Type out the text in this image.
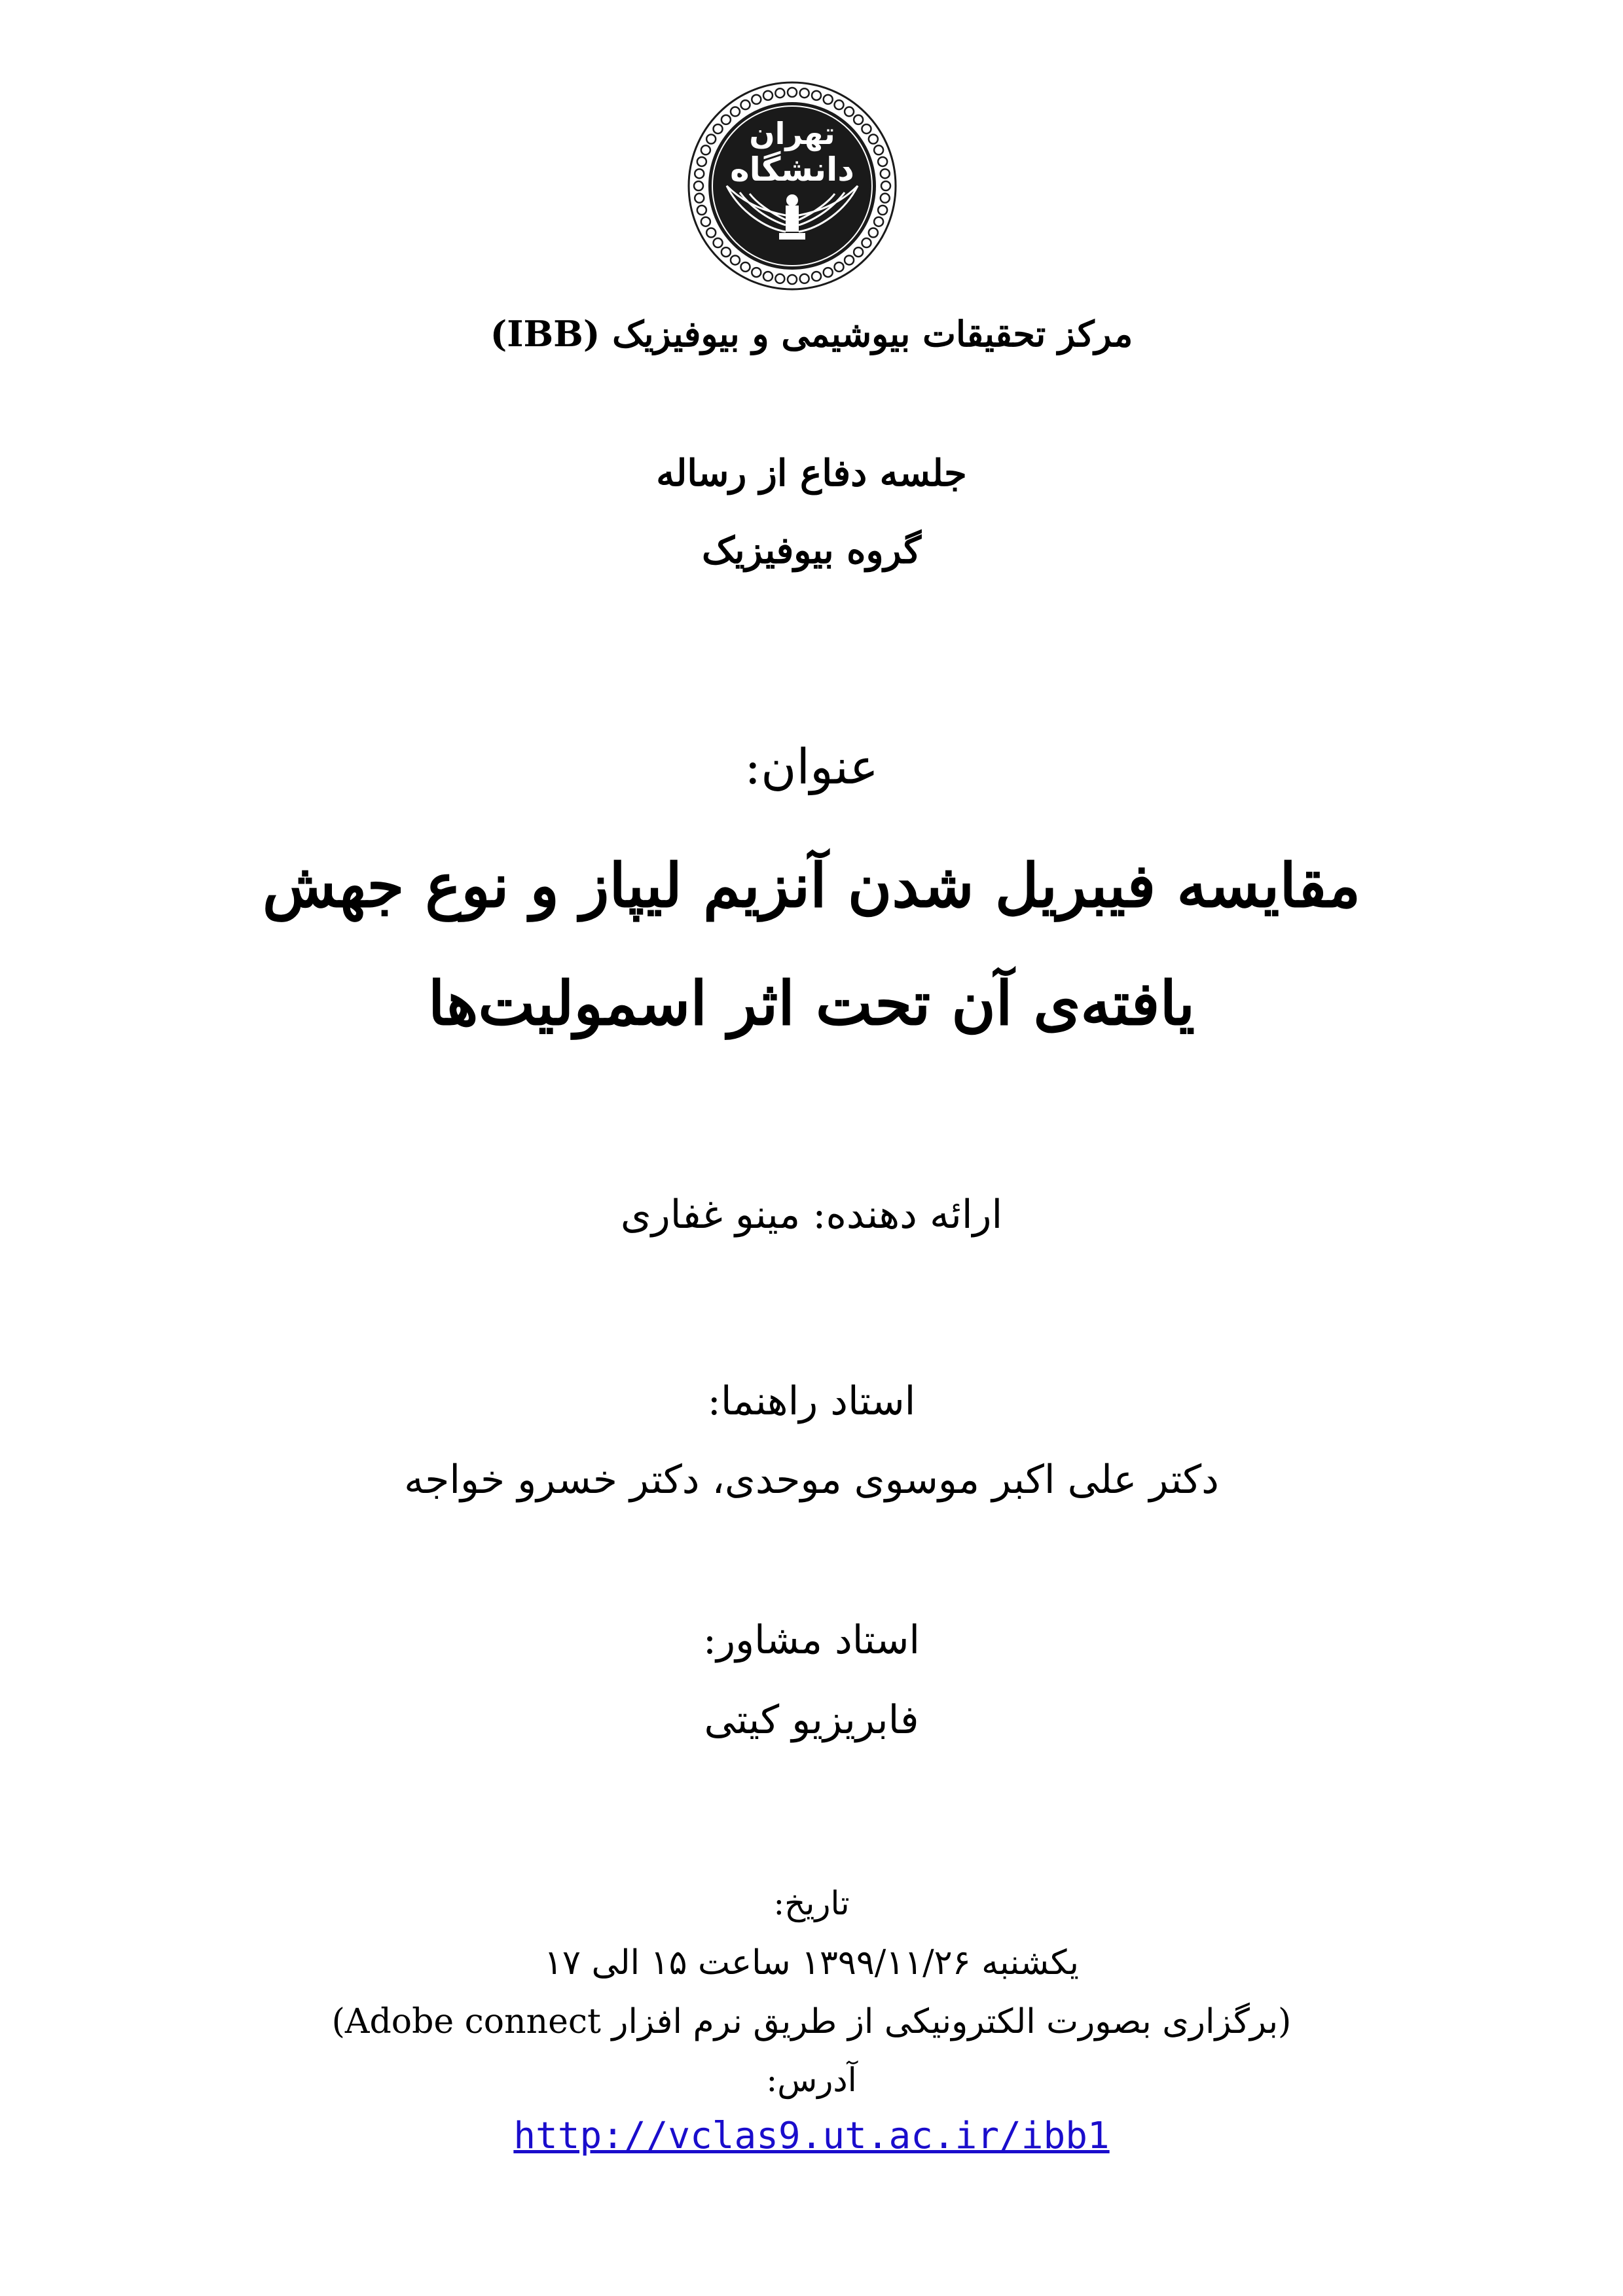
تهران
دانشگاه
مرکز تحقیقات بیوشیمی و بیوفیزیک (IBB)
جلسه دفاع از رساله
گروه بیوفیزیک
عنوان:
مقایسه فیبریل شدن آنزیم لیپاز و نوع جهش
یافته‌ی آن تحت اثر اسمولیت‌ها
ارائه دهنده: مینو غفاری
استاد راهنما:
دکتر علی اکبر موسوی موحدی، دکتر خسرو خواجه
استاد مشاور:
فابریزیو کیتی
تاریخ:
یکشنبه ۱۳۹۹/۱۱/۲۶ ساعت ۱۵ الی ۱۷
(برگزاری بصورت الکترونیکی از طریق نرم افزار Adobe connect)
آدرس:
http://vclas9.ut.ac.ir/ibb1
